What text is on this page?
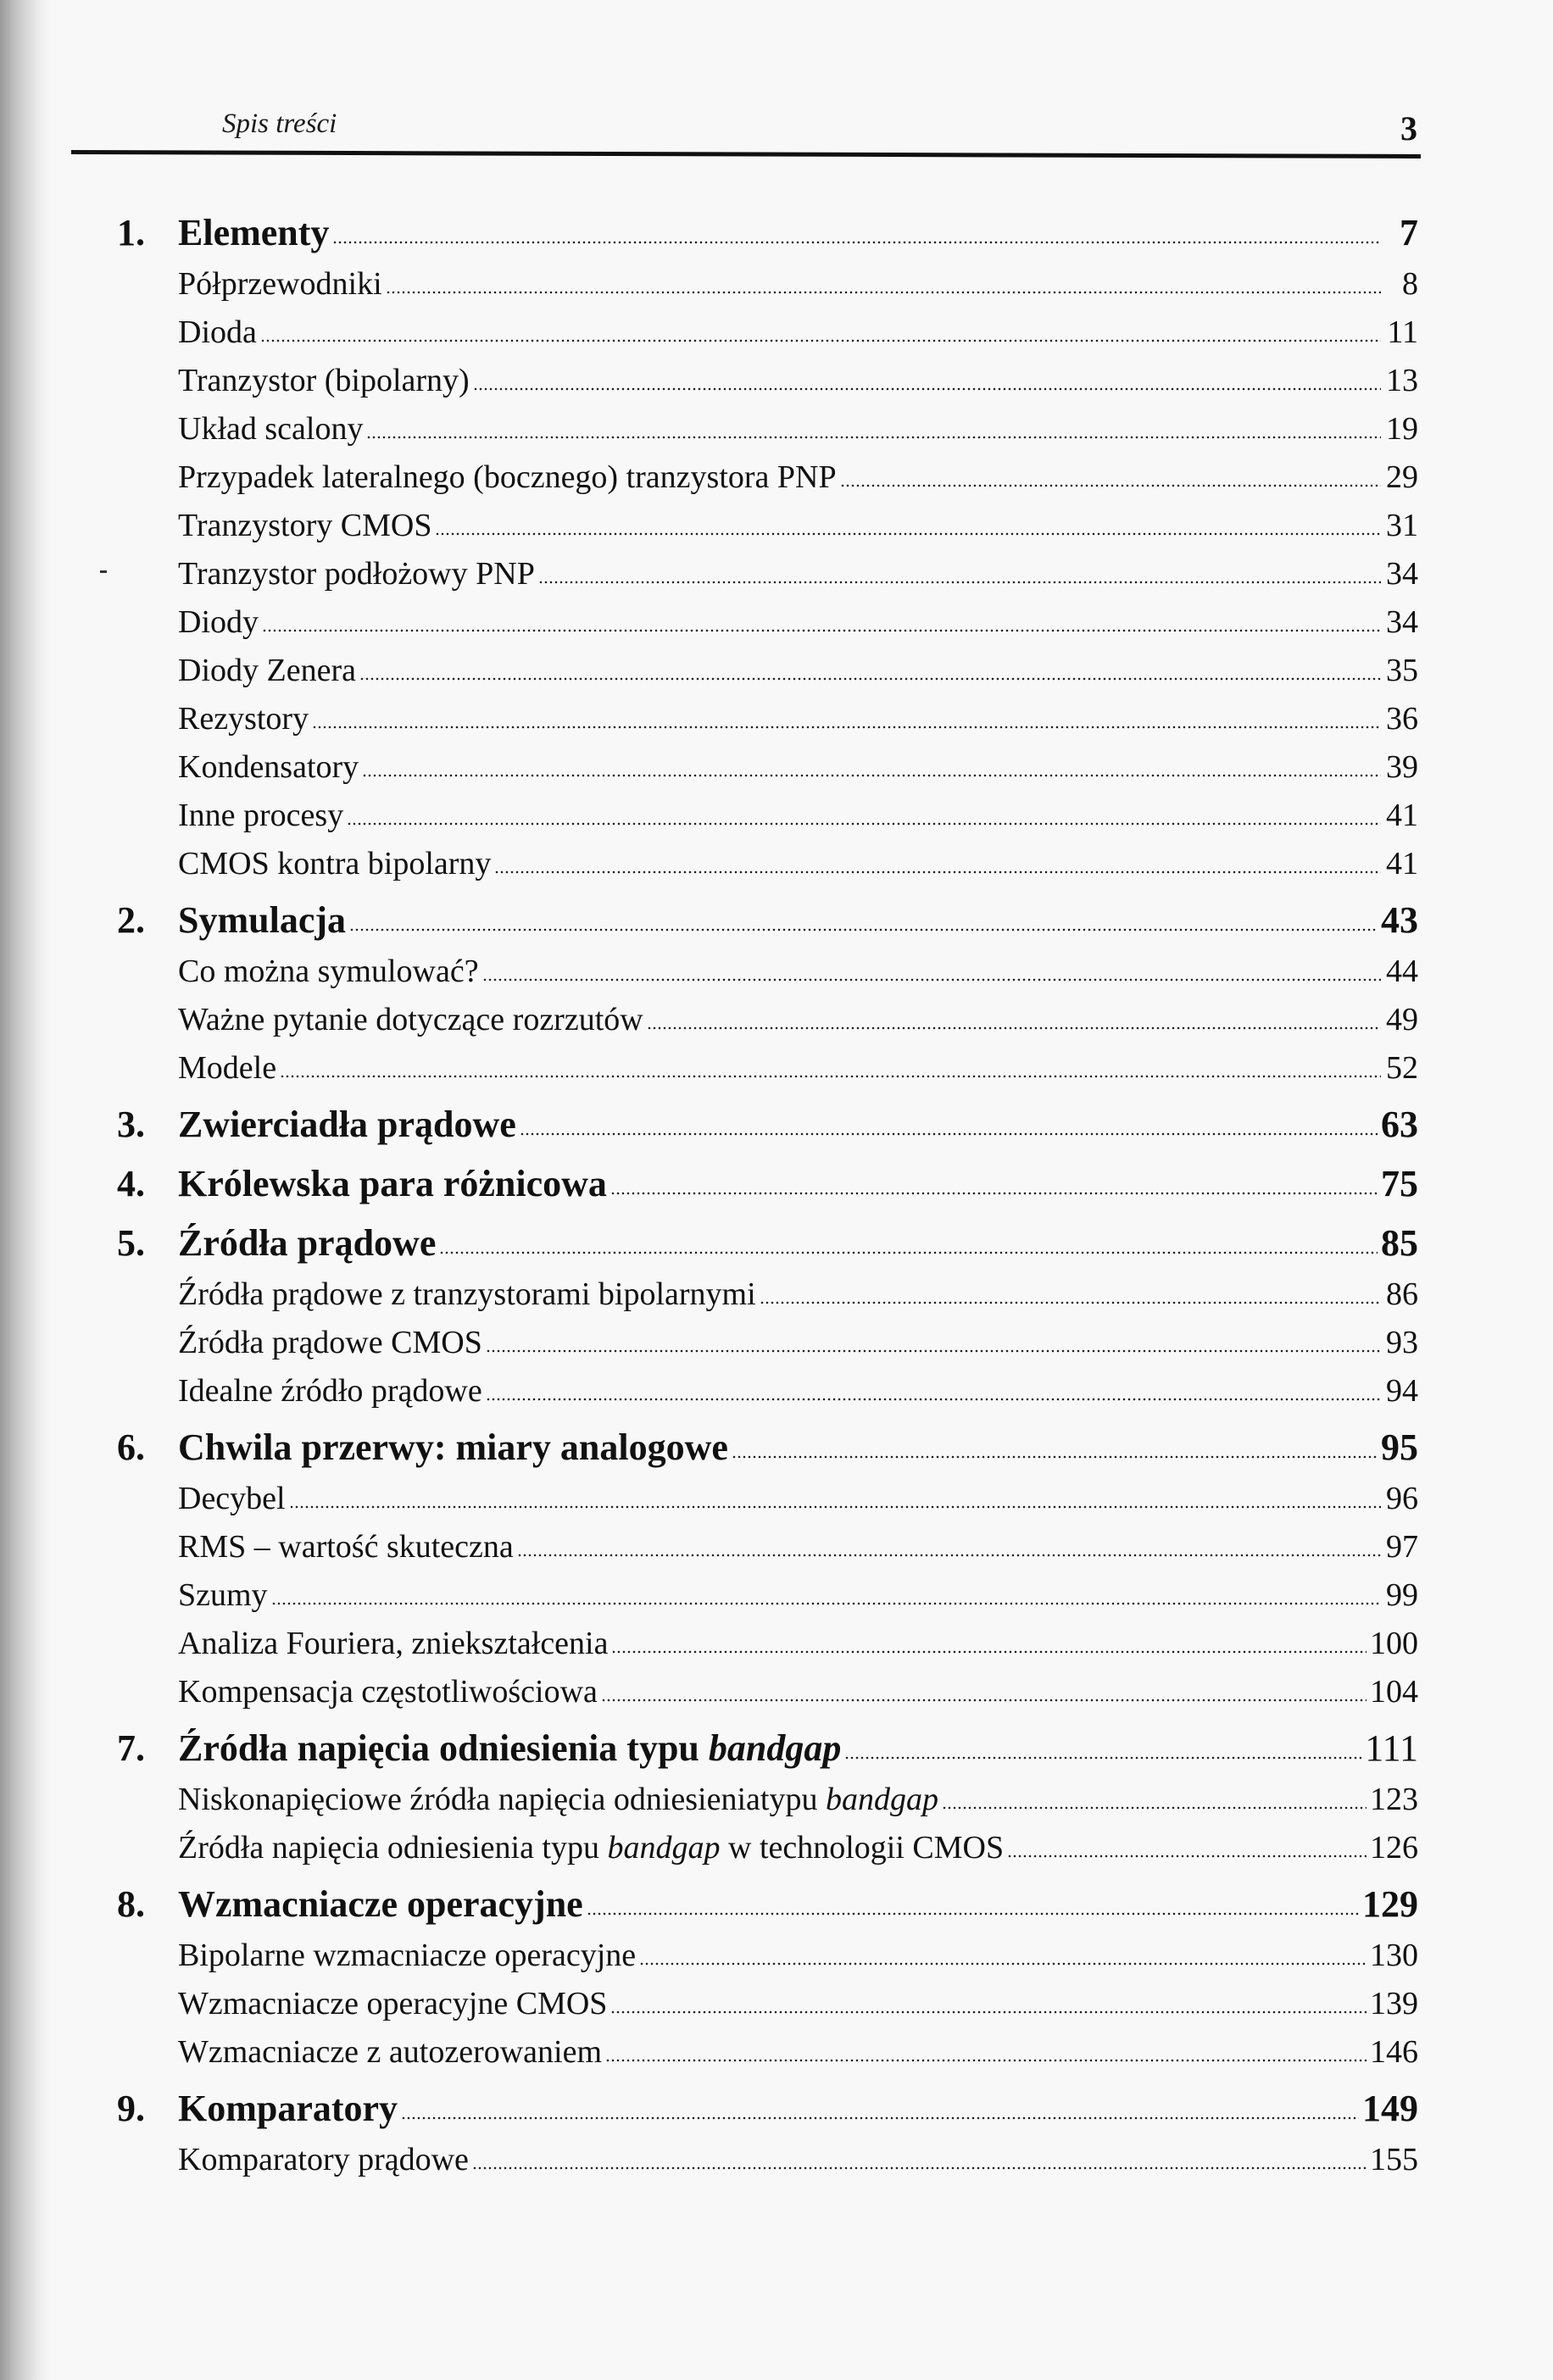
Spis treści	3
1. Elementy	7
Półprzewodniki	8
Dioda	11
Tranzystor (bipolarny)	13
Układ scalony	19
Przypadek lateralnego (bocznego) tranzystora PNP	29
Tranzystory CMOS	31
Tranzystor podłożowy PNP	34
Diody	34
Diody Zenera	35
Rezystory	36
Kondensatory	39
Inne procesy	41
CMOS kontra bipolarny	41
2. Symulacja	43
Co można symulować?	44
Ważne pytanie dotyczące rozrzutów	49
Modele	52
3. Zwierciadła prądowe	63
4. Królewska para różnicowa	75
5. Źródła prądowe	85
Źródła prądowe z tranzystorami bipolarnymi	86
Źródła prądowe CMOS	93
Idealne źródło prądowe	94
6. Chwila przerwy: miary analogowe	95
Decybel	96
RMS – wartość skuteczna	97
Szumy	99
Analiza Fouriera, zniekształcenia	100
Kompensacja częstotliwościowa	104
7. Źródła napięcia odniesienia typu bandgap	111
Niskonapięciowe źródła napięcia odniesieniatypu bandgap	123
Źródła napięcia odniesienia typu bandgap w technologii CMOS	126
8. Wzmacniacze operacyjne	129
Bipolarne wzmacniacze operacyjne	130
Wzmacniacze operacyjne CMOS	139
Wzmacniacze z autozerowaniem	146
9. Komparatory	149
Komparatory prądowe	155
